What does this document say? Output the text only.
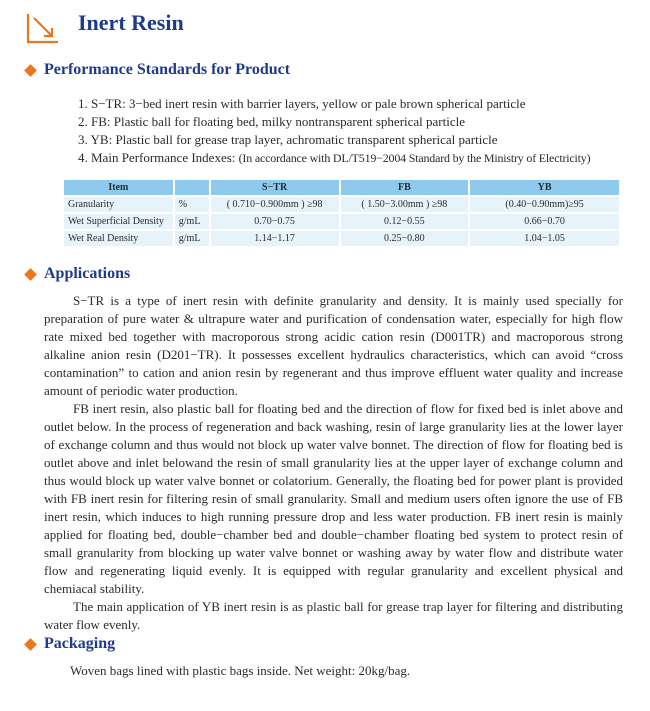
Inert Resin
Performance Standards for Product
1. S−TR: 3−bed inert resin with barrier layers, yellow or pale brown spherical particle
2. FB: Plastic ball for floating bed, milky nontransparent spherical particle
3. YB: Plastic ball for grease trap layer, achromatic transparent spherical particle
4. Main Performance Indexes: (In accordance with DL/T519−2004 Standard by the Ministry of Electricity)
Item		S−TR	FB	YB
Granularity	%	( 0.710−0.900mm ) ≥98	( 1.50−3.00mm ) ≥98	(0.40−0.90mm)≥95
Wet Superficial Density	g/mL	0.70−0.75	0.12−0.55	0.66−0.70
Wet Real Density	g/mL	1.14−1.17	0.25−0.80	1.04−1.05
Applications

S−TR is a type of inert resin with definite granularity and density. It is mainly used specially for preparation of pure water & ultrapure water and purification of condensation water, especially for high flow rate mixed bed together with macroporous strong acidic cation resin (D001TR) and macroporous strong alkaline anion resin (D201−TR). It possesses excellent hydraulics characteristics, which can avoid “cross contamination” to cation and anion resin by regenerant and thus improve effluent water quality and increase amount of periodic water production.

FB inert resin, also plastic ball for floating bed and the direction of flow for fixed bed is inlet above and outlet below. In the process of regeneration and back washing, resin of large granularity lies at the lower layer of exchange column and thus would not block up water valve bonnet. The direction of flow for floating bed is outlet above and inlet belowand the resin of small granularity lies at the upper layer of exchange column and thus would block up water valve bonnet or colatorium. Generally, the floating bed for power plant is provided with FB inert resin for filtering resin of small granularity. Small and medium users often ignore the use of FB inert resin, which induces to high running pressure drop and less water production. FB inert resin is mainly applied for floating bed, double−chamber bed and double−chamber floating bed system to protect resin of small granularity from blocking up water valve bonnet or washing away by water flow and distribute water flow and regenerating liquid evenly. It is equipped with regular granularity and excellent physical and chemiacal stability.

The main application of YB inert resin is as plastic ball for grease trap layer for filtering and distributing water flow evenly.

Packaging

Woven bags lined with plastic bags inside. Net weight: 20kg/bag.
